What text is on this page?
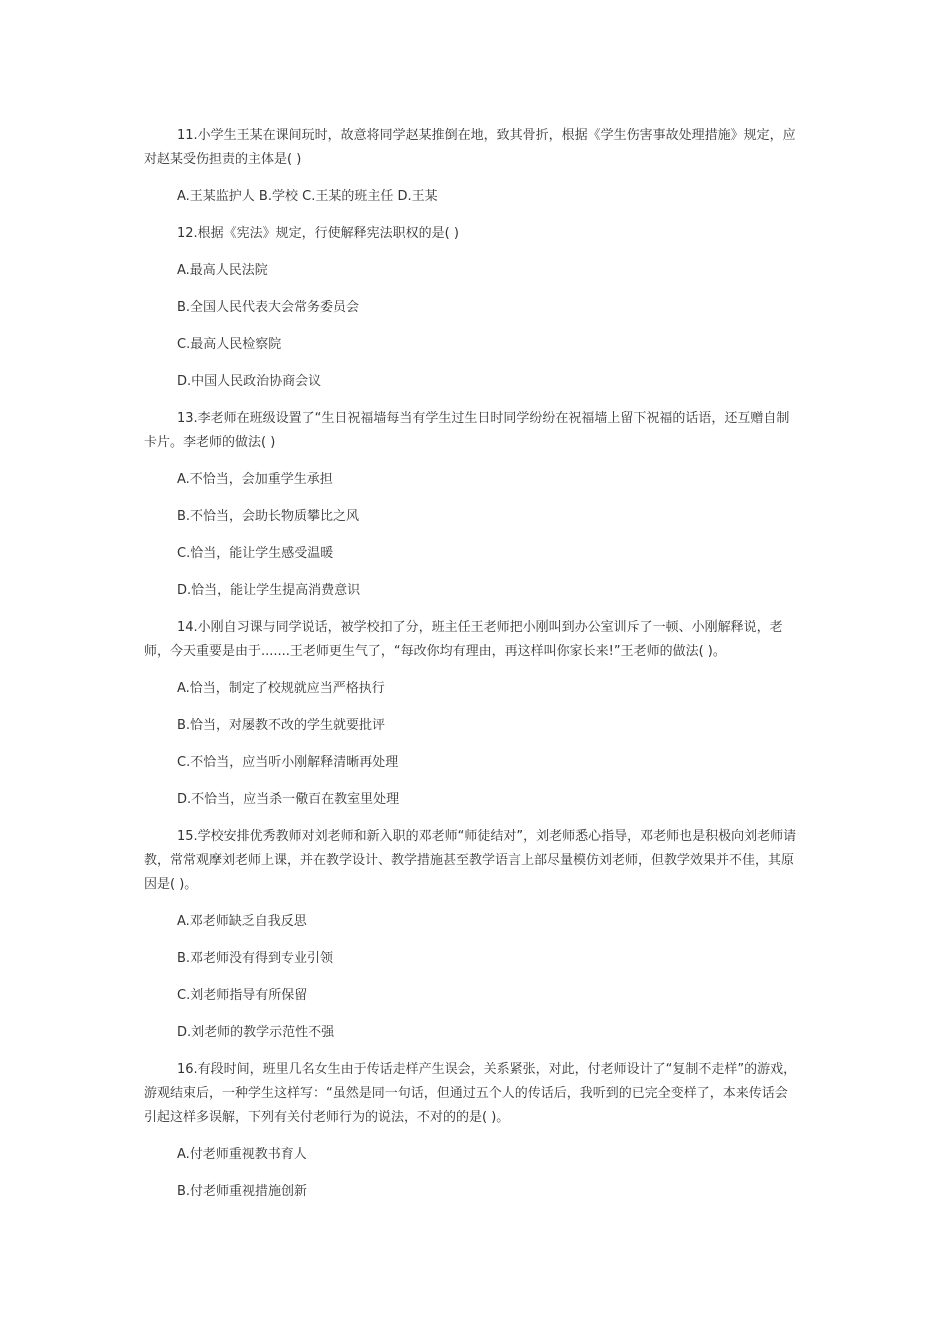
11.小学生王某在课间玩时，故意将同学赵某推倒在地，致其骨折，根据《学生伤害事故处理措施》规定，应对赵某受伤担责的主体是( )

A.王某监护人 B.学校 C.王某的班主任 D.王某

12.根据《宪法》规定，行使解释宪法职权的是( )

A.最高人民法院

B.全国人民代表大会常务委员会

C.最高人民检察院

D.中国人民政治协商会议

13.李老师在班级设置了“生日祝福墙每当有学生过生日时同学纷纷在祝福墙上留下祝福的话语，还互赠自制卡片。李老师的做法( )

A.不恰当，会加重学生承担

B.不恰当，会助长物质攀比之风

C.恰当，能让学生感受温暖

D.恰当，能让学生提高消费意识

14.小刚自习课与同学说话，被学校扣了分，班主任王老师把小刚叫到办公室训斥了一顿、小刚解释说，老师，今天重要是由于.......王老师更生气了，“每改你均有理由，再这样叫你家长来!”王老师的做法( )。

A.恰当，制定了校规就应当严格执行

B.恰当，对屡教不改的学生就要批评

C.不恰当，应当听小刚解释清晰再处理

D.不恰当，应当杀一儆百在教室里处理

15.学校安排优秀教师对刘老师和新入职的邓老师“师徒结对”，刘老师悉心指导，邓老师也是积极向刘老师请教，常常观摩刘老师上课，并在教学设计、教学措施甚至教学语言上部尽量模仿刘老师，但教学效果并不佳，其原因是( )。

A.邓老师缺乏自我反思

B.邓老师没有得到专业引领

C.刘老师指导有所保留

D.刘老师的教学示范性不强

16.有段时间，班里几名女生由于传话走样产生误会，关系紧张，对此，付老师设计了“复制不走样”的游戏，游观结束后，一种学生这样写：“虽然是同一句话，但通过五个人的传话后，我听到的已完全变样了，本来传话会引起这样多误解，下列有关付老师行为的说法，不对的的是( )。

A.付老师重视教书育人

B.付老师重视措施创新
